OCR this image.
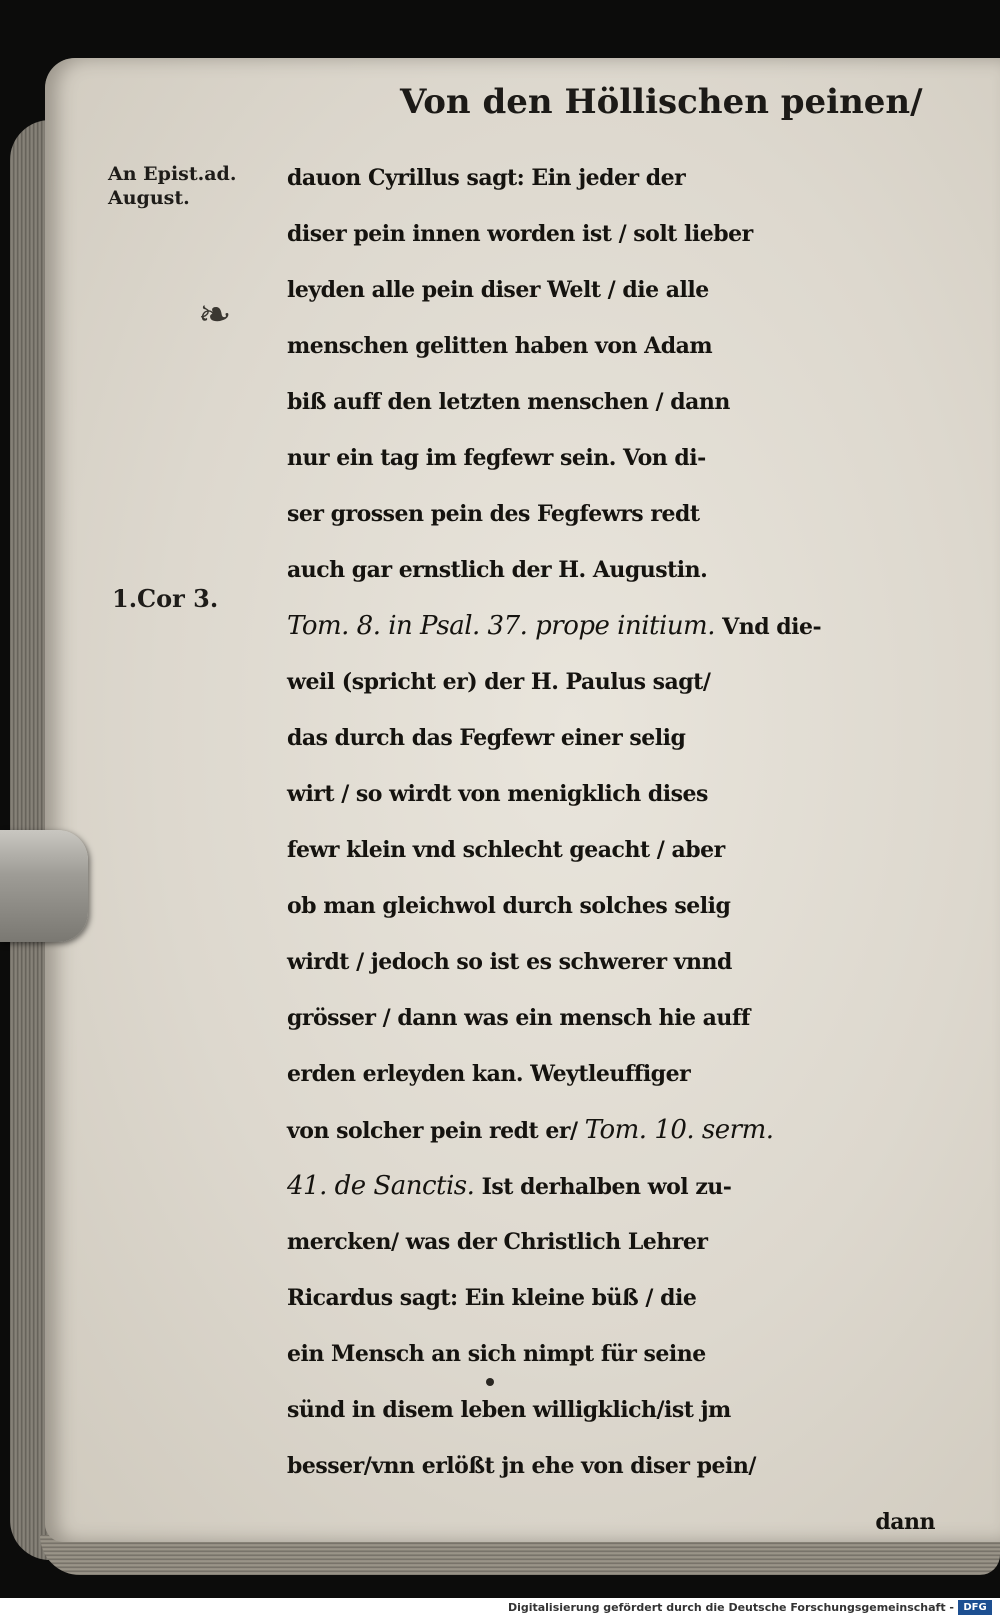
Von den Höllischen peinen/
An Epist.ad.
August.
1.Cor 3.
❧
dauon Cyrillus sagt: Ein jeder der
diser pein innen worden ist / solt lieber
leyden alle pein diser Welt / die alle
menschen gelitten haben von Adam
biß auff den letzten menschen / dann
nur ein tag im fegfewr sein. Von di-
ser grossen pein des Fegfewrs redt
auch gar ernstlich der H. Augustin.
Tom. 8. in Psal. 37. prope initium. Vnd die-
weil (spricht er) der H. Paulus sagt/
das durch das Fegfewr einer selig
wirt / so wirdt von menigklich dises
fewr klein vnd schlecht geacht / aber
ob man gleichwol durch solches selig
wirdt / jedoch so ist es schwerer vnnd
grösser / dann was ein mensch hie auff
erden erleyden kan. Weytleuffiger
von solcher pein redt er/ Tom. 10. serm.
41. de Sanctis. Ist derhalben wol zu-
mercken/ was der Christlich Lehrer
Ricardus sagt: Ein kleine büß / die
ein Mensch an sich nimpt für seine
sünd in disem leben willigklich/ist jm
besser/vnn erlößt jn ehe von diser pein/
dann
Digitalisierung gefördert durch die Deutsche Forschungsgemeinschaft - DFG
